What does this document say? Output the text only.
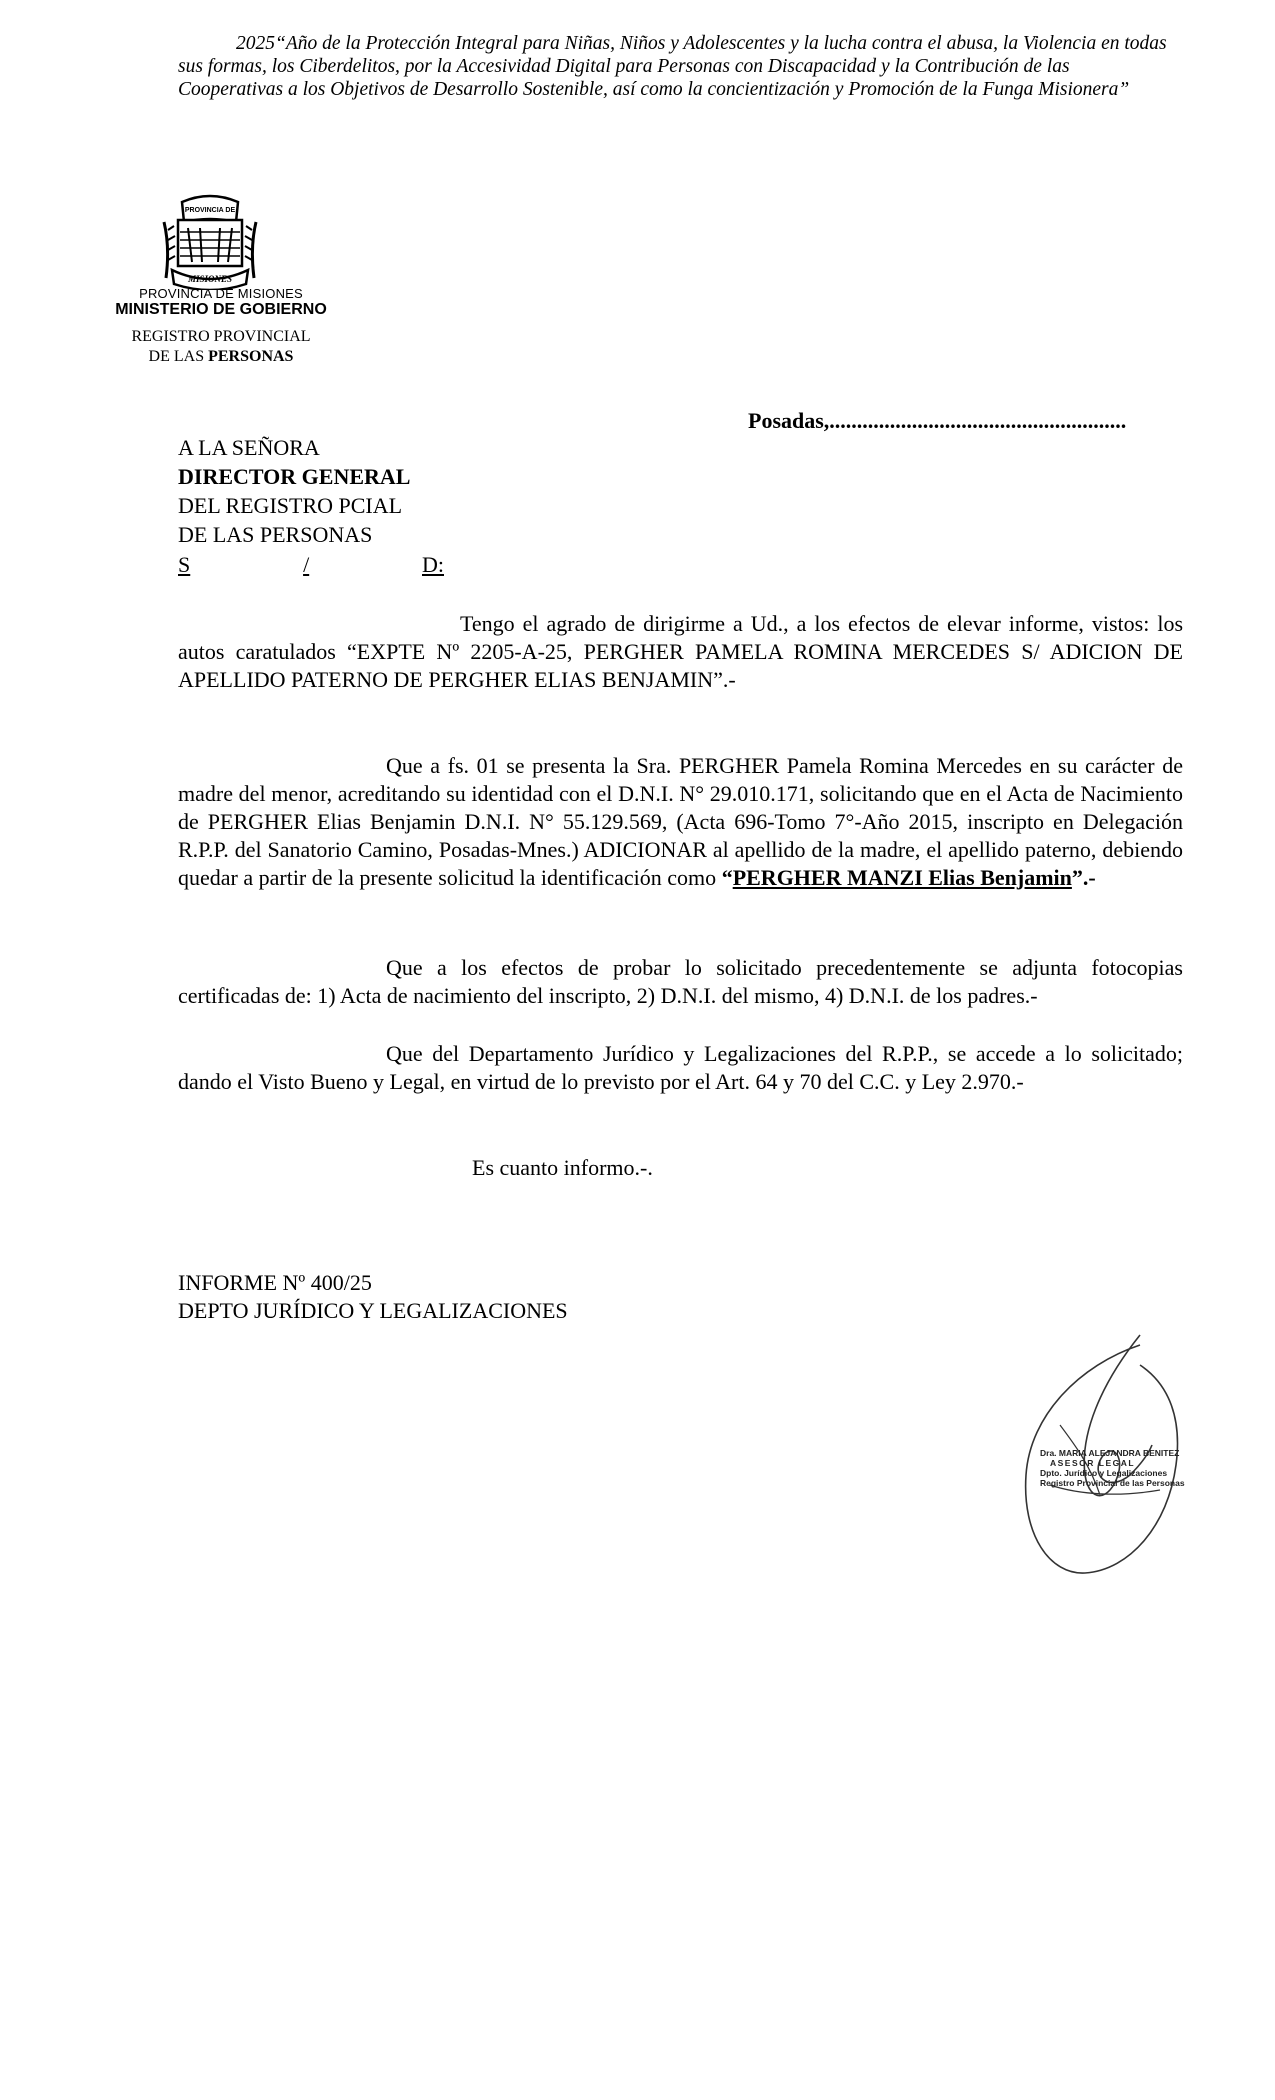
2025“Año de la Protección Integral para Niñas, Niños y Adolescentes y la lucha contra el abusa, la Violencia en todas sus formas, los Ciberdelitos, por la Accesividad Digital para Personas con Discapacidad y la Contribución de las Cooperativas a los Objetivos de Desarrollo Sostenible, así como la concientización y Promoción de la Funga Misionera”
PROVINCIA DE
MISIONES
PROVINCIA DE MISIONES
MINISTERIO DE GOBIERNO
REGISTRO PROVINCIAL
DE LAS PERSONAS
Posadas,......................................................
A LA SEÑORA
DIRECTOR GENERAL
DEL REGISTRO PCIAL
DE LAS PERSONAS
S	/	D:
Tengo el agrado de dirigirme a Ud., a los efectos de elevar informe, vistos: los autos caratulados “EXPTE Nº 2205-A-25, PERGHER PAMELA ROMINA MERCEDES S/ ADICION DE APELLIDO PATERNO DE PERGHER ELIAS BENJAMIN”.-
Que a fs. 01 se presenta la Sra. PERGHER Pamela Romina Mercedes en su carácter de madre del menor, acreditando su identidad con el D.N.I. N° 29.010.171, solicitando que en el Acta de Nacimiento de PERGHER Elias Benjamin D.N.I. N° 55.129.569, (Acta 696-Tomo 7°-Año 2015, inscripto en Delegación R.P.P. del Sanatorio Camino, Posadas-Mnes.) ADICIONAR al apellido de la madre, el apellido paterno, debiendo quedar a partir de la presente solicitud la identificación como “PERGHER MANZI Elias Benjamin”.-
Que a los efectos de probar lo solicitado precedentemente se adjunta fotocopias certificadas de: 1) Acta de nacimiento del inscripto, 2) D.N.I. del mismo, 4) D.N.I. de los padres.-
Que del Departamento Jurídico y Legalizaciones del R.P.P., se accede a lo solicitado; dando el Visto Bueno y Legal, en virtud de lo previsto por el Art. 64 y 70 del C.C. y Ley 2.970.-
Es cuanto informo.-.
INFORME Nº 400/25
DEPTO JURÍDICO Y LEGALIZACIONES
Dra. MARIA ALEJANDRA BENITEZ
ASESOR LEGAL
Dpto. Jurídico y Legalizaciones
Registro Provincial de las Personas
